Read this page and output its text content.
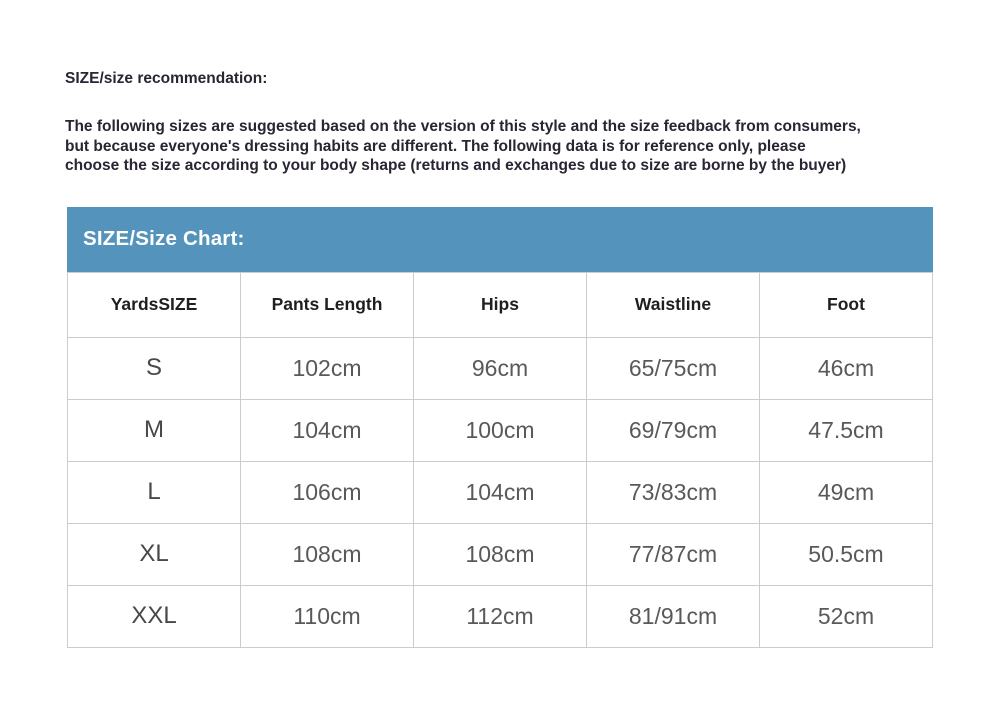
SIZE/size recommendation:
The following sizes are suggested based on the version of this style and the size feedback from consumers,
but because everyone's dressing habits are different. The following data is for reference only, please
choose the size according to your body shape (returns and exchanges due to size are borne by the buyer)
SIZE/Size Chart:
YardsSIZE	Pants Length	Hips	Waistline	Foot
S	102cm	96cm	65/75cm	46cm
M	104cm	100cm	69/79cm	47.5cm
L	106cm	104cm	73/83cm	49cm
XL	108cm	108cm	77/87cm	50.5cm
XXL	110cm	112cm	81/91cm	52cm
